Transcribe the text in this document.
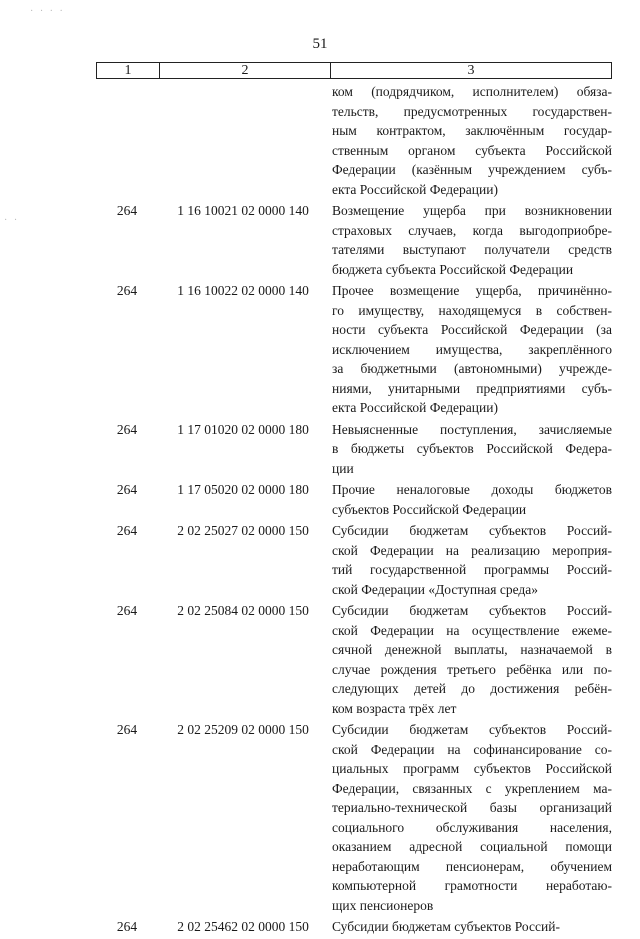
51
· · · ·
· ·
1	2	3
ком (подрядчиком, исполнителем) обяза-
тельств, предусмотренных государствен-
ным контрактом, заключённым государ-
ственным органом субъекта Российской
Федерации (казённым учреждением субъ-
екта Российской Федерации)
264	1 16 10021 02 0000 140	Возмещение ущерба при возникновении
страховых случаев, когда выгодоприобре-
тателями выступают получатели средств
бюджета субъекта Российской Федерации
264	1 16 10022 02 0000 140	Прочее возмещение ущерба, причинённо-
го имуществу, находящемуся в собствен-
ности субъекта Российской Федерации (за
исключением имущества, закреплённого
за бюджетными (автономными) учрежде-
ниями, унитарными предприятиями субъ-
екта Российской Федерации)
264	1 17 01020 02 0000 180	Невыясненные поступления, зачисляемые
в бюджеты субъектов Российской Федера-
ции
264	1 17 05020 02 0000 180	Прочие неналоговые доходы бюджетов
субъектов Российской Федерации
264	2 02 25027 02 0000 150	Субсидии бюджетам субъектов Россий-
ской Федерации на реализацию мероприя-
тий государственной программы Россий-
ской Федерации «Доступная среда»
264	2 02 25084 02 0000 150	Субсидии бюджетам субъектов Россий-
ской Федерации на осуществление ежеме-
сячной денежной выплаты, назначаемой в
случае рождения третьего ребёнка или по-
следующих детей до достижения ребён-
ком возраста трёх лет
264	2 02 25209 02 0000 150	Субсидии бюджетам субъектов Россий-
ской Федерации на софинансирование со-
циальных программ субъектов Российской
Федерации, связанных с укреплением ма-
териально-технической базы организаций
социального обслуживания населения,
оказанием адресной социальной помощи
неработающим пенсионерам, обучением
компьютерной грамотности неработаю-
щих пенсионеров
264	2 02 25462 02 0000 150	Субсидии бюджетам субъектов Россий-
